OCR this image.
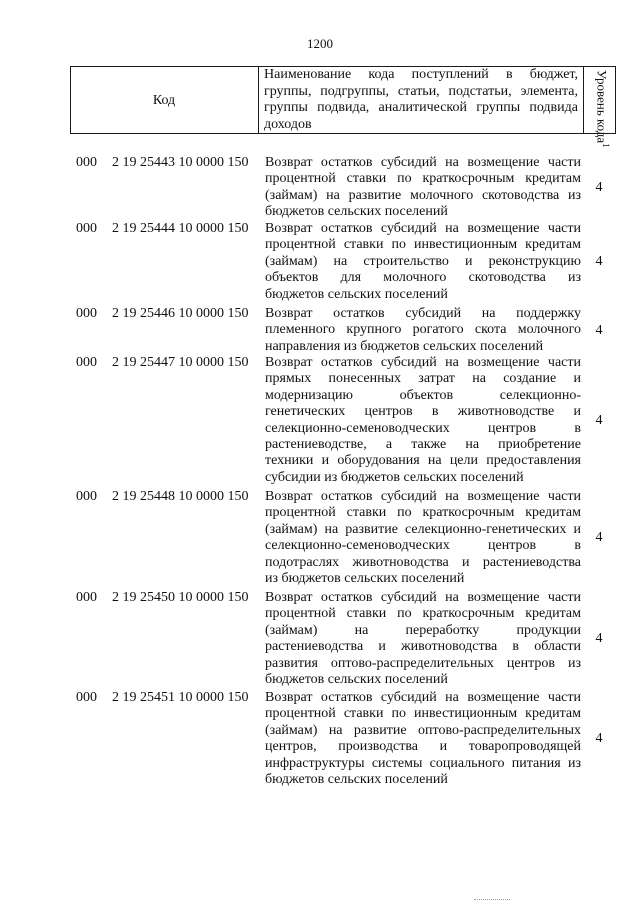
1200
Код
Наименование кода поступлений в бюджет,
группы, подгруппы, статьи, подстатьи, элемента,
группы подвида, аналитической группы подвида
доходов	Уровень кода$^1$
000 2 19 25443 10 0000 150 Возврат остатков субсидий на возмещение части
процентной ставки по краткосрочным кредитам
(займам) на развитие молочного скотоводства из
бюджетов сельских поселений
4
000 2 19 25444 10 0000 150 Возврат остатков субсидий на возмещение части
процентной ставки по инвестиционным кредитам
(займам) на строительство и реконструкцию
объектов для молочного скотоводства из
бюджетов сельских поселений
4
000 2 19 25446 10 0000 150 Возврат остатков субсидий на поддержку
племенного крупного рогатого скота молочного
направления из бюджетов сельских поселений
4
000 2 19 25447 10 0000 150 Возврат остатков субсидий на возмещение части
прямых понесенных затрат на создание и
модернизацию объектов селекционно-
генетических центров в животноводстве и
селекционно-семеноводческих центров в
растениеводстве, а также на приобретение
техники и оборудования на цели предоставления
субсидии из бюджетов сельских поселений
4
000 2 19 25448 10 0000 150 Возврат остатков субсидий на возмещение части
процентной ставки по краткосрочным кредитам
(займам) на развитие селекционно-генетических и
селекционно-семеноводческих центров в
подотраслях животноводства и растениеводства
из бюджетов сельских поселений
4
000 2 19 25450 10 0000 150 Возврат остатков субсидий на возмещение части
процентной ставки по краткосрочным кредитам
(займам) на переработку продукции
растениеводства и животноводства в области
развития оптово-распределительных центров из
бюджетов сельских поселений
4
000 2 19 25451 10 0000 150 Возврат остатков субсидий на возмещение части
процентной ставки по инвестиционным кредитам
(займам) на развитие оптово-распределительных
центров, производства и товаропроводящей
инфраструктуры системы социального питания из
бюджетов сельских поселений
4
